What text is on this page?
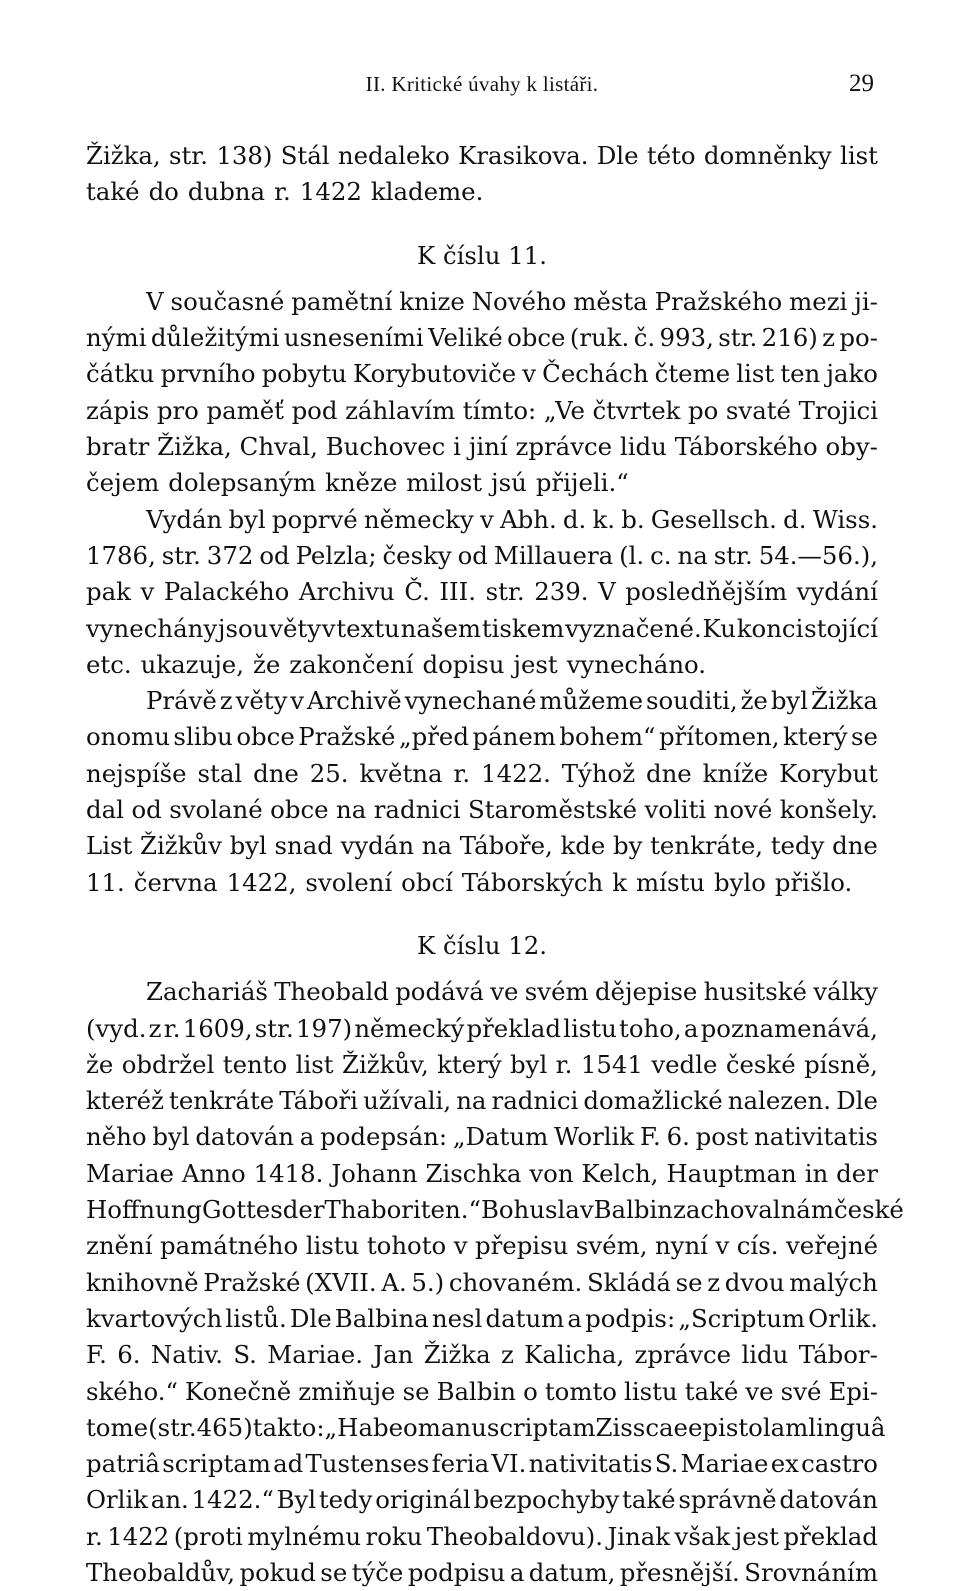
II. Kritické úvahy k listáři.	29
Žižka, str. 138) Stál nedaleko Krasikova. Dle této domněnky list
také do dubna r. 1422 klademe.
K číslu 11.
V současné pamětní knize Nového města Pražského mezi ji-
nými důležitými usneseními Veliké obce (ruk. č. 993, str. 216) z po-
čátku prvního pobytu Korybutoviče v Čechách čteme list ten jako
zápis pro paměť pod záhlavím tímto: „Ve čtvrtek po svaté Trojici
bratr Žižka, Chval, Buchovec i jiní zprávce lidu Táborského oby-
čejem dolepsaným kněze milost jsú přijeli.“
Vydán byl poprvé německy v Abh. d. k. b. Gesellsch. d. Wiss.
1786, str. 372 od Pelzla; česky od Millauera (l. c. na str. 54.—56.),
pak v Palackého Archivu Č. III. str. 239. V posledňějším vydání
vynechány jsou věty v textu našem tiskem vyznačené. Ku konci stojící
etc. ukazuje, že zakončení dopisu jest vynecháno.
Právě z věty v Archivě vynechané můžeme souditi, že byl Žižka
onomu slibu obce Pražské „před pánem bohem“ přítomen, který se
nejspíše stal dne 25. května r. 1422. Týhož dne kníže Korybut
dal od svolané obce na radnici Staroměstské voliti nové konšely.
List Žižkův byl snad vydán na Táboře, kde by tenkráte, tedy dne
11. června 1422, svolení obcí Táborských k místu bylo přišlo.
K číslu 12.
Zachariáš Theobald podává ve svém dějepise husitské války
(vyd. z r. 1609, str. 197) německý překlad listu toho, a poznamenává,
že obdržel tento list Žižkův, který byl r. 1541 vedle české písně,
kteréž tenkráte Tábořі užívali, na radnici domažlické nalezen. Dle
něho byl datován a podepsán: „Datum Worlik F. 6. post nativitatis
Mariae Anno 1418. Johann Zischka von Kelch, Hauptman in der
Hoffnung Gottes der Thaboriten.“ Bohuslav Balbin zachoval nám české
znění památného listu tohoto v přepisu svém, nyní v cís. veřejné
knihovně Pražské (XVII. A. 5.) chovaném. Skládá se z dvou malých
kvartových listů. Dle Balbina nesl datum a podpis: „Scriptum Orlik.
F. 6. Nativ. S. Mariae. Jan Žižka z Kalicha, zprávce lidu Tábor-
ského.“ Konečně zmiňuje se Balbin o tomto listu také ve své Epi-
tome (str. 465) takto: „Habeo manuscriptam Zisscae epistolam linguâ
patriâ scriptam ad Tustenses feria VI. nativitatis S. Mariae ex castro
Orlik an. 1422.“ Byl tedy originál bezpochyby také správně datován
r. 1422 (proti mylnému roku Theobaldovu). Jinak však jest překlad
Theobaldův, pokud se týče podpisu a datum, přesnější. Srovnáním
